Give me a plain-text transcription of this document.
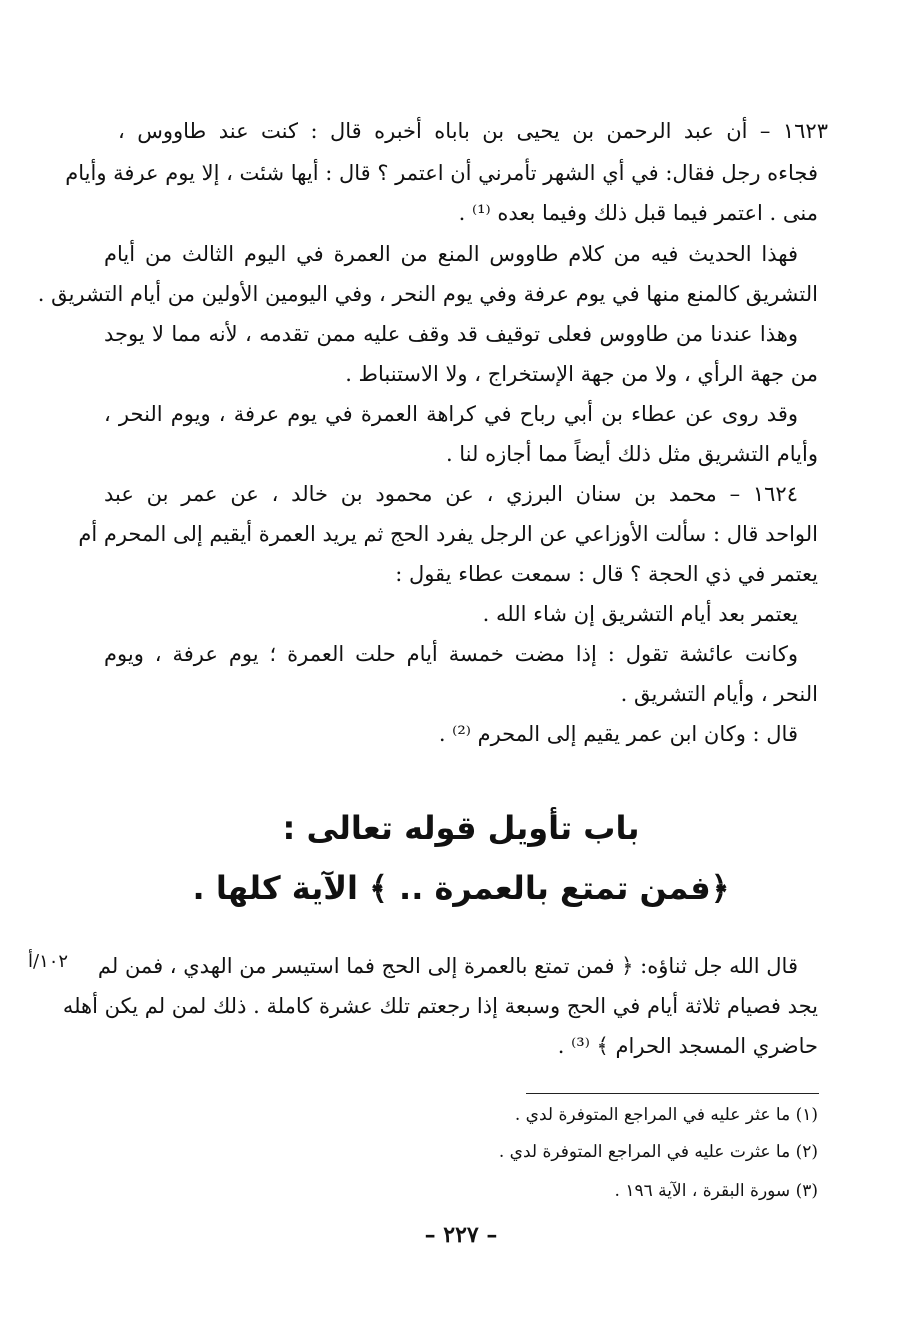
١٦٢٣ – أن عبد الرحمن بن يحيى بن باباه أخبره قال : كنت عند طاووس ،
فجاءه رجل فقال: في أي الشهر تأمرني أن اعتمر ؟ قال : أيها شئت ، إلا يوم عرفة وأيام
منى . اعتمر فيما قبل ذلك وفيما بعده ⁽¹⁾ .
فهذا الحديث فيه من كلام طاووس المنع من العمرة في اليوم الثالث من أيام
التشريق كالمنع منها في يوم عرفة وفي يوم النحر ، وفي اليومين الأولين من أيام التشريق .
وهذا عندنا من طاووس فعلى توقيف قد وقف عليه ممن تقدمه ، لأنه مما لا يوجد
من جهة الرأي ، ولا من جهة الإستخراج ، ولا الاستنباط .
وقد روى عن عطاء بن أبي رباح في كراهة العمرة في يوم عرفة ، ويوم النحر ،
وأيام التشريق مثل ذلك أيضاً مما أجازه لنا .
١٦٢٤ – محمد بن سنان البرزي ، عن محمود بن خالد ، عن عمر بن عبد
الواحد قال : سألت الأوزاعي عن الرجل يفرد الحج ثم يريد العمرة أيقيم إلى المحرم أم
يعتمر في ذي الحجة ؟ قال : سمعت عطاء يقول :
يعتمر بعد أيام التشريق إن شاء الله .
وكانت عائشة تقول : إذا مضت خمسة أيام حلت العمرة ؛ يوم عرفة ، ويوم
النحر ، وأيام التشريق .
قال : وكان ابن عمر يقيم إلى المحرم ⁽²⁾ .
باب تأويل قوله تعالى :
﴿فمن تمتع بالعمرة .. ﴾ الآية كلها .
قال الله جل ثناؤه: ﴿ فمن تمتع بالعمرة إلى الحج فما استيسر من الهدي ، فمن لم
يجد فصيام ثلاثة أيام في الحج وسبعة إذا رجعتم تلك عشرة كاملة . ذلك لمن لم يكن أهله
حاضري المسجد الحرام ﴾ ⁽³⁾ .
١٠٢/أ
(١) ما عثر عليه في المراجع المتوفرة لدي .
(٢) ما عثرت عليه في المراجع المتوفرة لدي .
(٣) سورة البقرة ، الآية ١٩٦ .
– ٢٢٧ –
